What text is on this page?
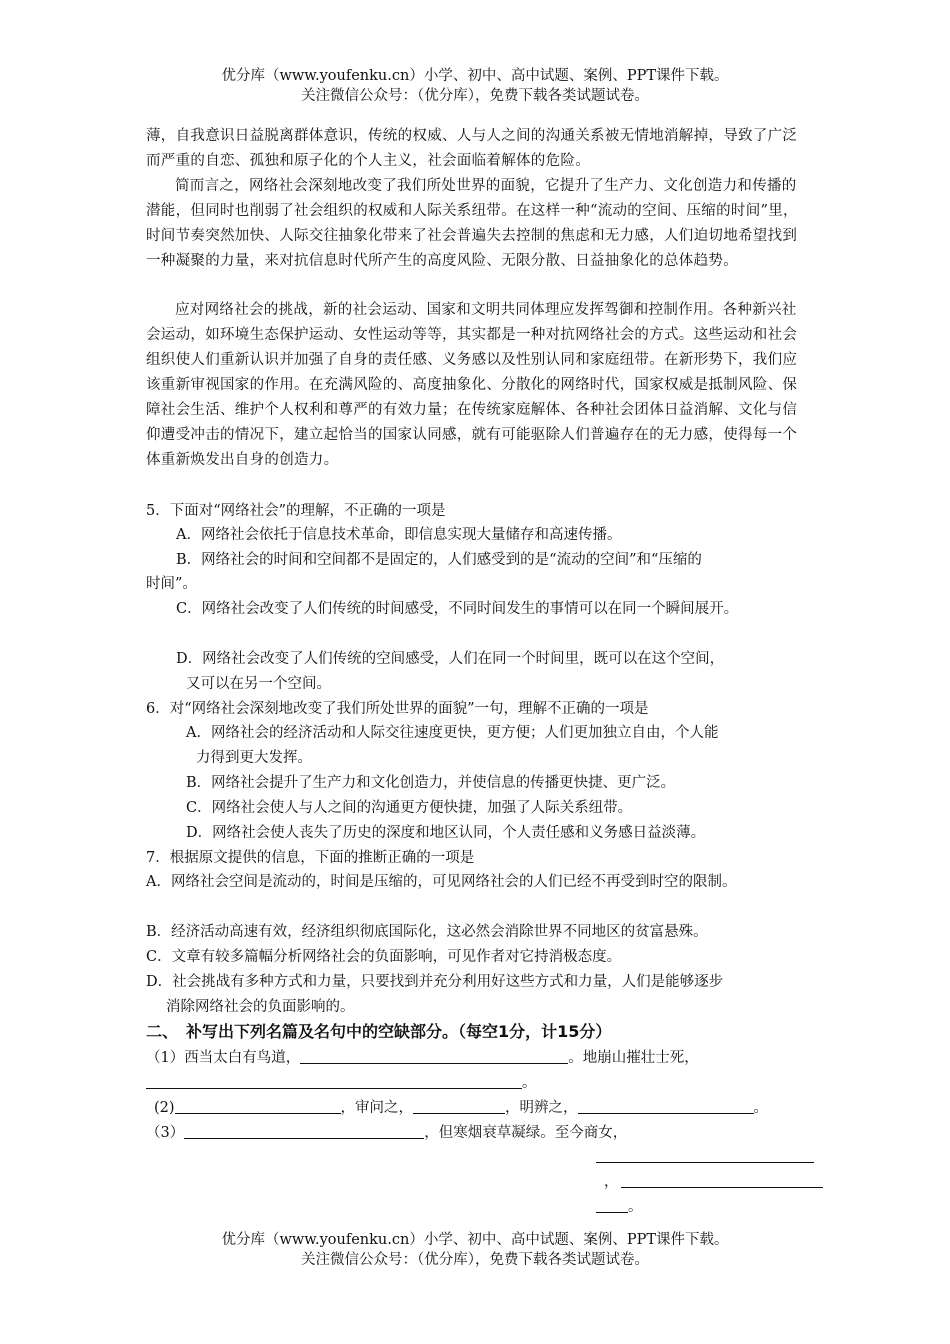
优分库（www.youfenku.cn）小学、初中、高中试题、案例、PPT课件下载。
关注微信公众号：（优分库），免费下载各类试题试卷。
薄，自我意识日益脱离群体意识，传统的权威、人与人之间的沟通关系被无情地消解掉，导致了广泛而严重的自恋、孤独和原子化的个人主义，社会面临着解体的危险。
简而言之，网络社会深刻地改变了我们所处世界的面貌，它提升了生产力、文化创造力和传播的潜能，但同时也削弱了社会组织的权威和人际关系纽带。在这样一种“流动的空间、压缩的时间”里，时间节奏突然加快、人际交往抽象化带来了社会普遍失去控制的焦虑和无力感，人们迫切地希望找到一种凝聚的力量，来对抗信息时代所产生的高度风险、无限分散、日益抽象化的总体趋势。
应对网络社会的挑战，新的社会运动、国家和文明共同体理应发挥驾御和控制作用。各种新兴社会运动，如环境生态保护运动、女性运动等等，其实都是一种对抗网络社会的方式。这些运动和社会组织使人们重新认识并加强了自身的责任感、义务感以及性别认同和家庭纽带。在新形势下，我们应该重新审视国家的作用。在充满风险的、高度抽象化、分散化的网络时代，国家权威是抵制风险、保障社会生活、维护个人权利和尊严的有效力量；在传统家庭解体、各种社会团体日益消解、文化与信仰遭受冲击的情况下，建立起恰当的国家认同感，就有可能驱除人们普遍存在的无力感，使得每一个体重新焕发出自身的创造力。
5．下面对“网络社会”的理解，不正确的一项是
A．网络社会依托于信息技术革命，即信息实现大量储存和高速传播。
B．网络社会的时间和空间都不是固定的，人们感受到的是“流动的空间”和“压缩的
时间”。
C．网络社会改变了人们传统的时间感受，不同时间发生的事情可以在同一个瞬间展开。
D．网络社会改变了人们传统的空间感受，人们在同一个时间里，既可以在这个空间，
又可以在另一个空间。
6．对“网络社会深刻地改变了我们所处世界的面貌”一句，理解不正确的一项是
A．网络社会的经济活动和人际交往速度更快，更方便；人们更加独立自由，个人能
力得到更大发挥。
B．网络社会提升了生产力和文化创造力，并使信息的传播更快捷、更广泛。
C．网络社会使人与人之间的沟通更方便快捷，加强了人际关系纽带。
D．网络社会使人丧失了历史的深度和地区认同，个人责任感和义务感日益淡薄。
7．根据原文提供的信息，下面的推断正确的一项是
A．网络社会空间是流动的，时间是压缩的，可见网络社会的人们已经不再受到时空的限制。
B．经济活动高速有效，经济组织彻底国际化，这必然会消除世界不同地区的贫富悬殊。
C．文章有较多篇幅分析网络社会的负面影响，可见作者对它持消极态度。
D．社会挑战有多种方式和力量，只要找到并充分利用好这些方式和力量，人们是能够逐步
消除网络社会的负面影响的。
二、　补写出下列名篇及名句中的空缺部分。（每空1分，计15分）
（1）西当太白有鸟道，	。地崩山摧壮士死，
。
(2)	，审问之，	，明辨之，	。
（3）	，但寒烟衰草凝绿。至今商女，
，
。
优分库（www.youfenku.cn）小学、初中、高中试题、案例、PPT课件下载。
关注微信公众号：（优分库），免费下载各类试题试卷。
